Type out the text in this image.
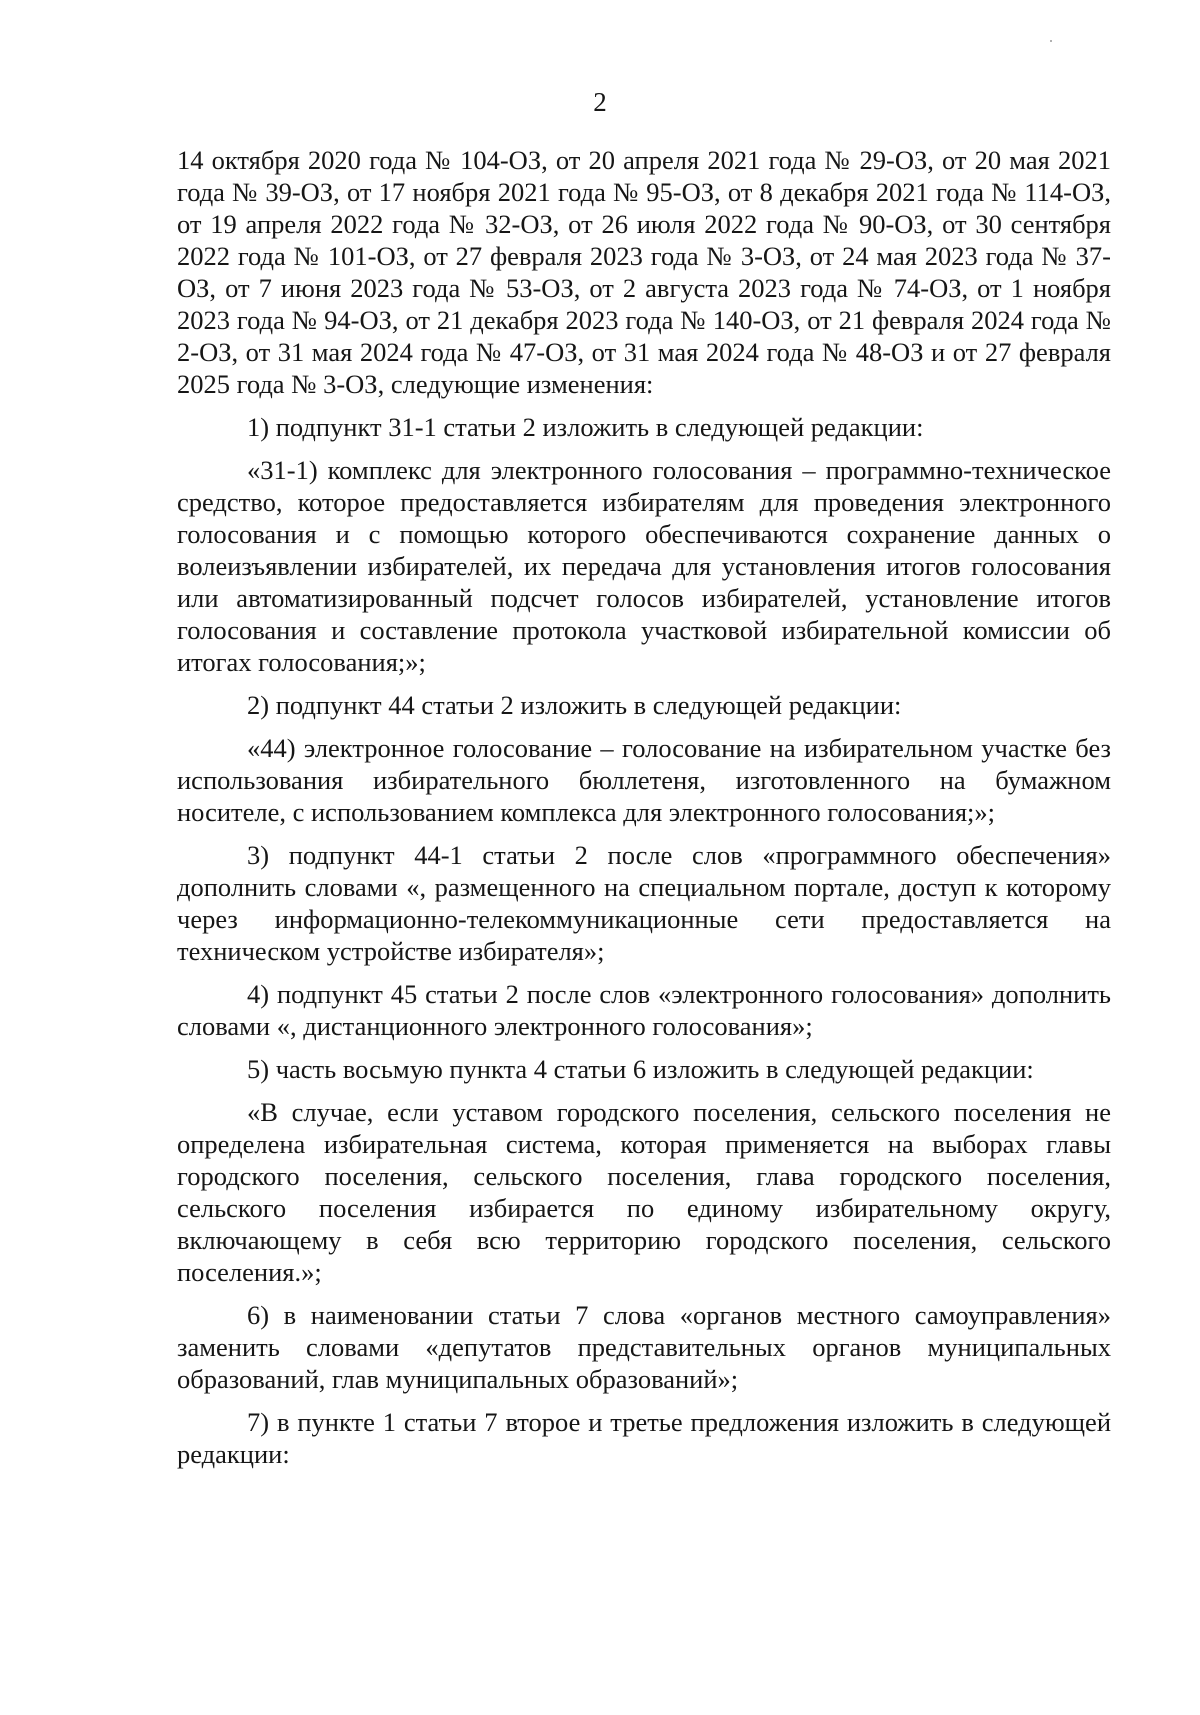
2

14 октября 2020 года № 104-ОЗ, от 20 апреля 2021 года № 29-ОЗ, от 20 мая 2021 года № 39-ОЗ, от 17 ноября 2021 года № 95-ОЗ, от 8 декабря 2021 года № 114-ОЗ, от 19 апреля 2022 года № 32-ОЗ, от 26 июля 2022 года № 90-ОЗ, от 30 сентября 2022 года № 101-ОЗ, от 27 февраля 2023 года № 3-ОЗ, от 24 мая 2023 года № 37-ОЗ, от 7 июня 2023 года № 53-ОЗ, от 2 августа 2023 года № 74-ОЗ, от 1 ноября 2023 года № 94-ОЗ, от 21 декабря 2023 года № 140-ОЗ, от 21 февраля 2024 года № 2-ОЗ, от 31 мая 2024 года № 47-ОЗ, от 31 мая 2024 года № 48-ОЗ и от 27 февраля 2025 года № 3-ОЗ, следующие изменения:

1) подпункт 31-1 статьи 2 изложить в следующей редакции:

«31-1) комплекс для электронного голосования – программно-техническое средство, которое предоставляется избирателям для проведения электронного голосования и с помощью которого обеспечиваются сохранение данных о волеизъявлении избирателей, их передача для установления итогов голосования или автоматизированный подсчет голосов избирателей, установление итогов голосования и составление протокола участковой избирательной комиссии об итогах голосования;»;

2) подпункт 44 статьи 2 изложить в следующей редакции:

«44) электронное голосование – голосование на избирательном участке без использования избирательного бюллетеня, изготовленного на бумажном носителе, с использованием комплекса для электронного голосования;»;

3) подпункт 44-1 статьи 2 после слов «программного обеспечения» дополнить словами «, размещенного на специальном портале, доступ к которому через информационно-телекоммуникационные сети предоставляется на техническом устройстве избирателя»;

4) подпункт 45 статьи 2 после слов «электронного голосования» дополнить словами «, дистанционного электронного голосования»;

5) часть восьмую пункта 4 статьи 6 изложить в следующей редакции:

«В случае, если уставом городского поселения, сельского поселения не определена избирательная система, которая применяется на выборах главы городского поселения, сельского поселения, глава городского поселения, сельского поселения избирается по единому избирательному округу, включающему в себя всю территорию городского поселения, сельского поселения.»;

6) в наименовании статьи 7 слова «органов местного самоуправления» заменить словами «депутатов представительных органов муниципальных образований, глав муниципальных образований»;

7) в пункте 1 статьи 7 второе и третье предложения изложить в следующей редакции:
